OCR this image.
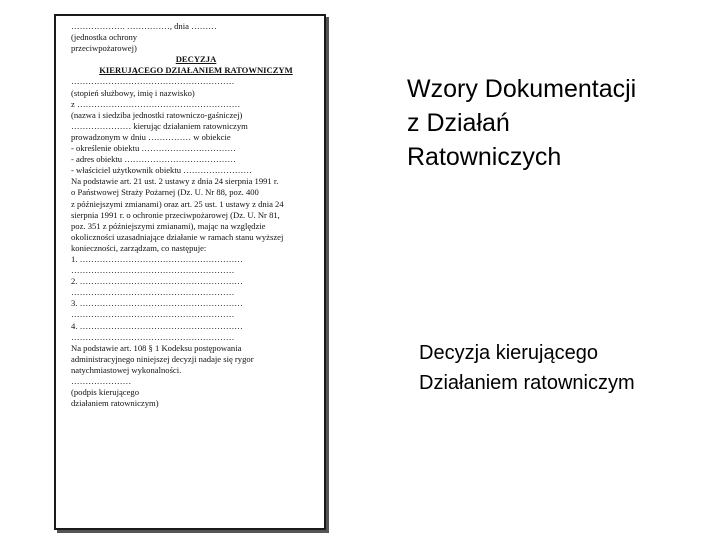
………………. ……………, dnia ………
(jednostka ochrony
przeciwpożarowej)
DECYZJA
KIERUJĄCEGO DZIAŁANIEM RATOWNICZYM
…………………………………………………
(stopień służbowy, imię i nazwisko)
z …………………………………………………
(nazwa i siedziba jednostki ratowniczo-gaśniczej)
………………… kierując działaniem ratowniczym
prowadzonym w dniu …………… w obiekcie
- określenie obiektu ……………………………
- adres obiektu …………………………………
- właściciel użytkownik obiektu ……………………
Na podstawie art. 21 ust. 2 ustawy z dnia 24 sierpnia 1991 r.
o Państwowej Straży Pożarnej (Dz. U. Nr 88, poz. 400
z późniejszymi zmianami) oraz art. 25 ust. 1 ustawy z dnia 24
sierpnia 1991 r. o ochronie przeciwpożarowej (Dz. U. Nr 81,
poz. 351 z późniejszymi zmianami), mając na względzie
okoliczności uzasadniające działanie w ramach stanu wyższej
konieczności, zarządzam, co następuje:
1. …………………………………………………
…………………………………………………
2. …………………………………………………
…………………………………………………
3. …………………………………………………
…………………………………………………
4. …………………………………………………
…………………………………………………
Na podstawie art. 108 § 1 Kodeksu postępowania
administracyjnego niniejszej decyzji nadaje się rygor
natychmiastowej wykonalności.
…………………
(podpis kierującego
działaniem ratowniczym)
Wzory Dokumentacji
z Działań
Ratowniczych
Decyzja kierującego
Działaniem ratowniczym
